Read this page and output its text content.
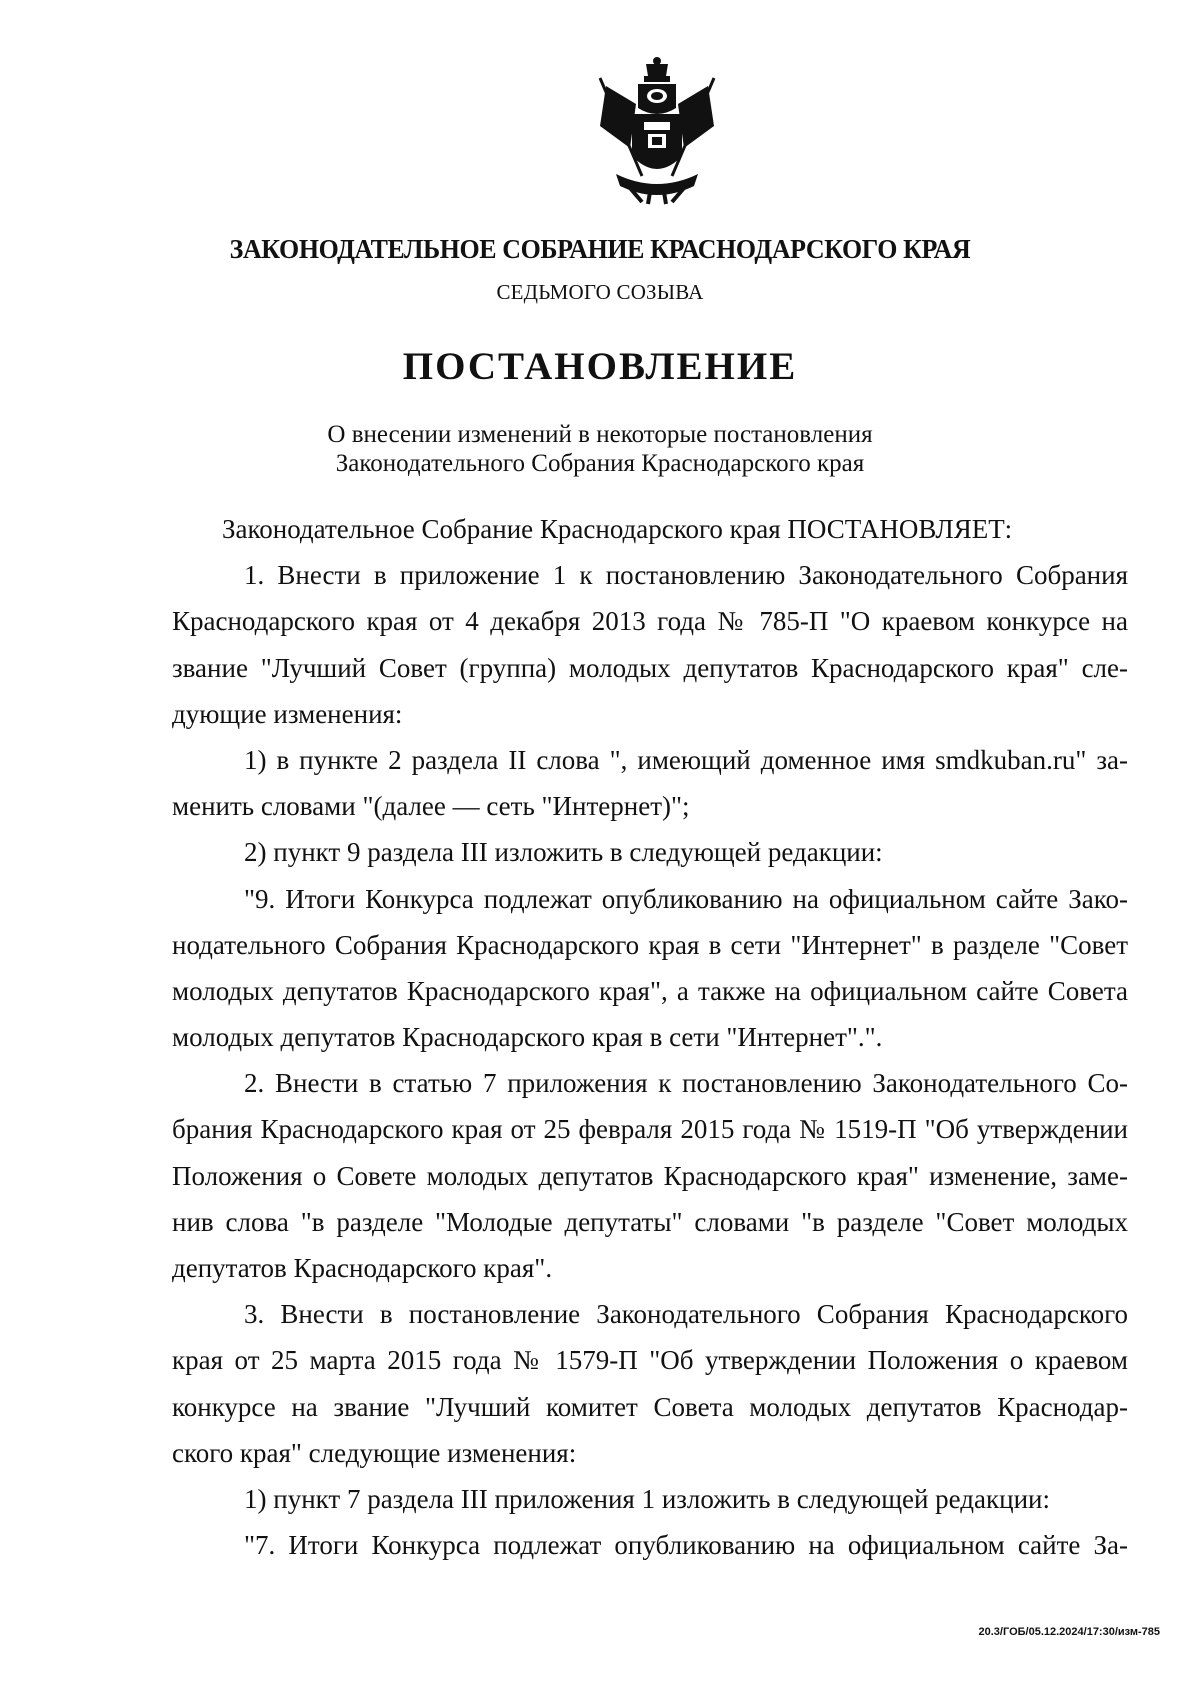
ЗАКОНОДАТЕЛЬНОЕ СОБРАНИЕ КРАСНОДАРСКОГО КРАЯ
СЕДЬМОГО СОЗЫВА
ПОСТАНОВЛЕНИЕ
О внесении изменений в некоторые постановления
Законодательного Собрания Краснодарского края
Законодательное Собрание Краснодарского края ПОСТАНОВЛЯЕТ:
1. Внести в приложение 1 к постановлению Законодательного Собрания
Краснодарского края от 4 декабря 2013 года № 785-П "О краевом конкурсе на
звание "Лучший Совет (группа) молодых депутатов Краснодарского края" сле-
дующие изменения:
1) в пункте 2 раздела II слова ", имеющий доменное имя smdkuban.ru" за-
менить словами "(далее — сеть "Интернет)";
2) пункт 9 раздела III изложить в следующей редакции:
"9. Итоги Конкурса подлежат опубликованию на официальном сайте Зако-
нодательного Собрания Краснодарского края в сети "Интернет" в разделе "Совет
молодых депутатов Краснодарского края", а также на официальном сайте Совета
молодых депутатов Краснодарского края в сети "Интернет".".
2. Внести в статью 7 приложения к постановлению Законодательного Со-
брания Краснодарского края от 25 февраля 2015 года № 1519-П "Об утверждении
Положения о Совете молодых депутатов Краснодарского края" изменение, заме-
нив слова "в разделе "Молодые депутаты" словами "в разделе "Совет молодых
депутатов Краснодарского края".
3. Внести в постановление Законодательного Собрания Краснодарского
края от 25 марта 2015 года № 1579-П "Об утверждении Положения о краевом
конкурсе на звание "Лучший комитет Совета молодых депутатов Краснодар-
ского края" следующие изменения:
1) пункт 7 раздела III приложения 1 изложить в следующей редакции:
"7. Итоги Конкурса подлежат опубликованию на официальном сайте За-
20.3/ГОБ/05.12.2024/17:30/изм-785
